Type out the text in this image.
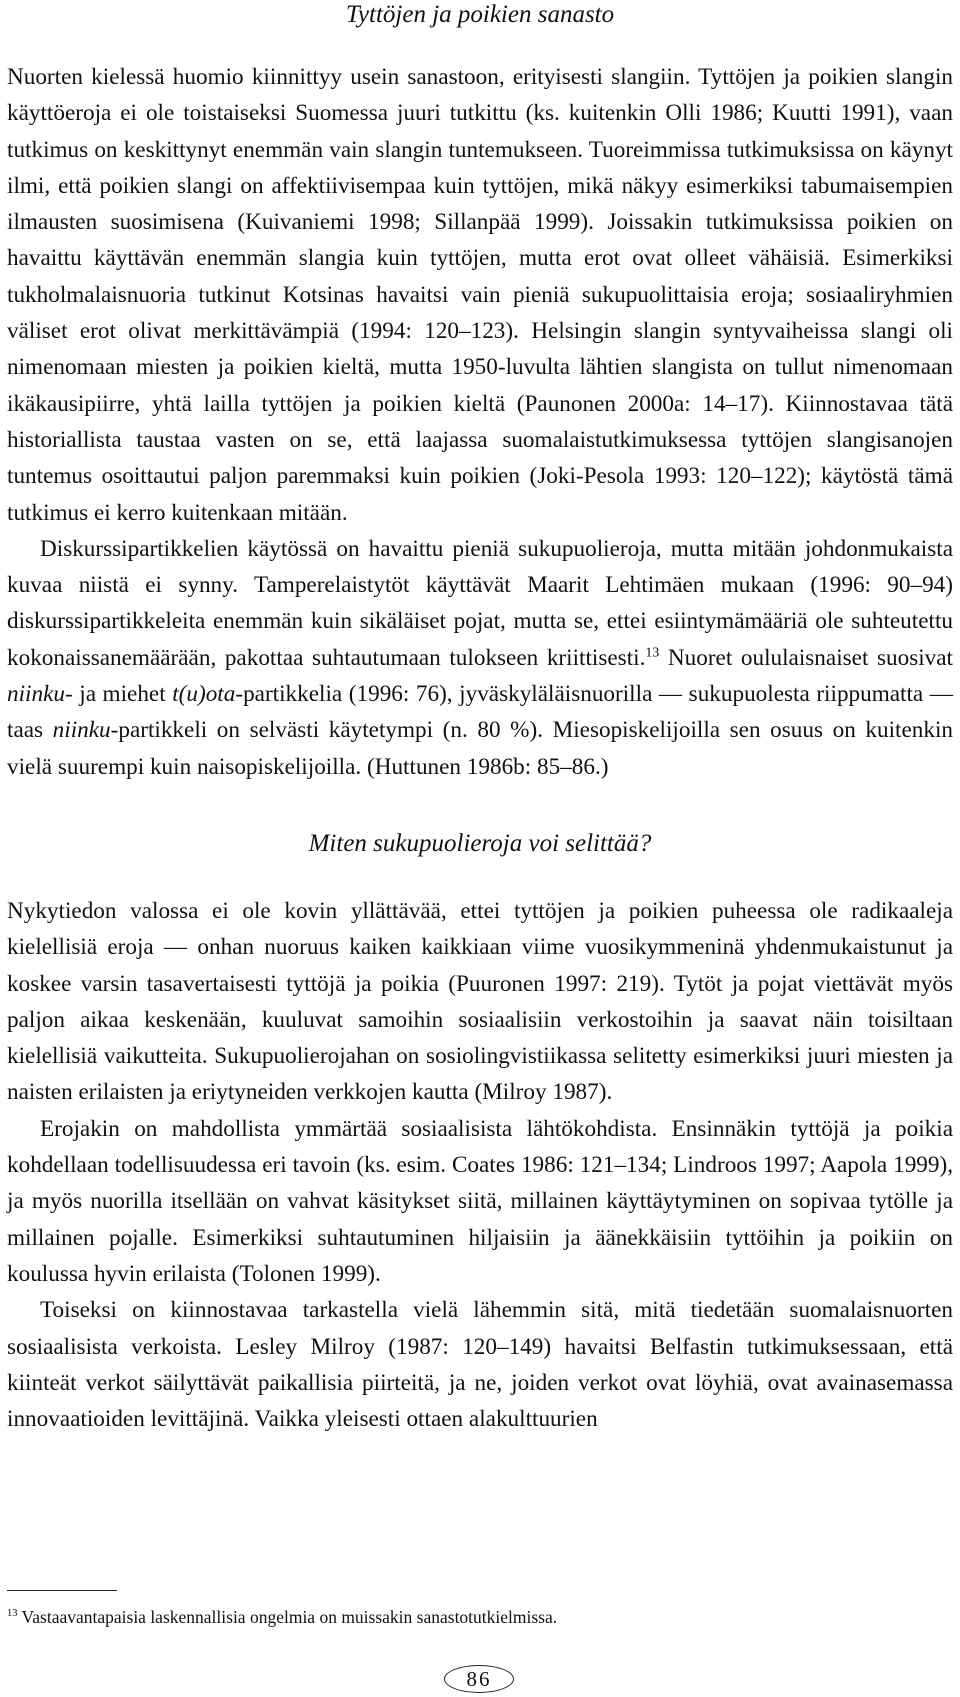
Tyttöjen ja poikien sanasto

Nuorten kielessä huomio kiinnittyy usein sanastoon, erityisesti slangiin. Tyttöjen ja poikien slangin käyttöeroja ei ole toistaiseksi Suomessa juuri tutkittu (ks. kuitenkin Olli 1986; Kuutti 1991), vaan tutkimus on keskittynyt enemmän vain slangin tuntemukseen. Tuoreimmissa tutkimuksissa on käynyt ilmi, että poikien slangi on affektiivisempaa kuin tyttöjen, mikä näkyy esimerkiksi tabumaisempien ilmausten suosimisena (Kuivaniemi 1998; Sillanpää 1999). Joissakin tutkimuksissa poikien on havaittu käyttävän enemmän slangia kuin tyttöjen, mutta erot ovat olleet vähäisiä. Esimerkiksi tukholmalaisnuoria tutkinut Kotsinas havaitsi vain pieniä sukupuolittaisia eroja; sosiaaliryhmien väliset erot olivat merkittävämpiä (1994: 120–123). Helsingin slangin syntyvaiheissa slangi oli nimenomaan miesten ja poikien kieltä, mutta 1950-luvulta lähtien slangista on tullut nimenomaan ikäkausipiirre, yhtä lailla tyttöjen ja poikien kieltä (Paunonen 2000a: 14–17). Kiinnostavaa tätä historiallista taustaa vasten on se, että laajassa suomalaistutkimuksessa tyttöjen slangisanojen tuntemus osoittautui paljon paremmaksi kuin poikien (Joki-Pesola 1993: 120–122); käytöstä tämä tutkimus ei kerro kuitenkaan mitään.

Diskurssipartikkelien käytössä on havaittu pieniä sukupuolieroja, mutta mitään johdonmukaista kuvaa niistä ei synny. Tamperelaistytöt käyttävät Maarit Lehtimäen mukaan (1996: 90–94) diskurssipartikkeleita enemmän kuin sikäläiset pojat, mutta se, ettei esiintymämääriä ole suhteutettu kokonaissanemäärään, pakottaa suhtautumaan tulokseen kriittisesti.$^{13}$ Nuoret oululaisnaiset suosivat niinku- ja miehet t(u)ota-partikkelia (1996: 76), jyväskyläläisnuorilla — sukupuolesta riippumatta — taas niinku-partikkeli on selvästi käytetympi (n. 80 %). Miesopiskelijoilla sen osuus on kuitenkin vielä suurempi kuin naisopiskelijoilla. (Huttunen 1986b: 85–86.)

Miten sukupuolieroja voi selittää?

Nykytiedon valossa ei ole kovin yllättävää, ettei tyttöjen ja poikien puheessa ole radikaaleja kielellisiä eroja — onhan nuoruus kaiken kaikkiaan viime vuosikymmeninä yhdenmukaistunut ja koskee varsin tasavertaisesti tyttöjä ja poikia (Puuronen 1997: 219). Tytöt ja pojat viettävät myös paljon aikaa keskenään, kuuluvat samoihin sosiaalisiin verkostoihin ja saavat näin toisiltaan kielellisiä vaikutteita. Sukupuolierojahan on sosiolingvistiikassa selitetty esimerkiksi juuri miesten ja naisten erilaisten ja eriytyneiden verkkojen kautta (Milroy 1987).

Erojakin on mahdollista ymmärtää sosiaalisista lähtökohdista. Ensinnäkin tyttöjä ja poikia kohdellaan todellisuudessa eri tavoin (ks. esim. Coates 1986: 121–134; Lindroos 1997; Aapola 1999), ja myös nuorilla itsellään on vahvat käsitykset siitä, millainen käyttäytyminen on sopivaa tytölle ja millainen pojalle. Esimerkiksi suhtautuminen hiljaisiin ja äänekkäisiin tyttöihin ja poikiin on koulussa hyvin erilaista (Tolonen 1999).

Toiseksi on kiinnostavaa tarkastella vielä lähemmin sitä, mitä tiedetään suomalaisnuorten sosiaalisista verkoista. Lesley Milroy (1987: 120–149) havaitsi Belfastin tutkimuksessaan, että kiinteät verkot säilyttävät paikallisia piirteitä, ja ne, joiden verkot ovat löyhiä, ovat avainasemassa innovaatioiden levittäjinä. Vaikka yleisesti ottaen alakulttuurien

$^{13}$ Vastaavantapaisia laskennallisia ongelmia on muissakin sanastotutkielmissa.
86
